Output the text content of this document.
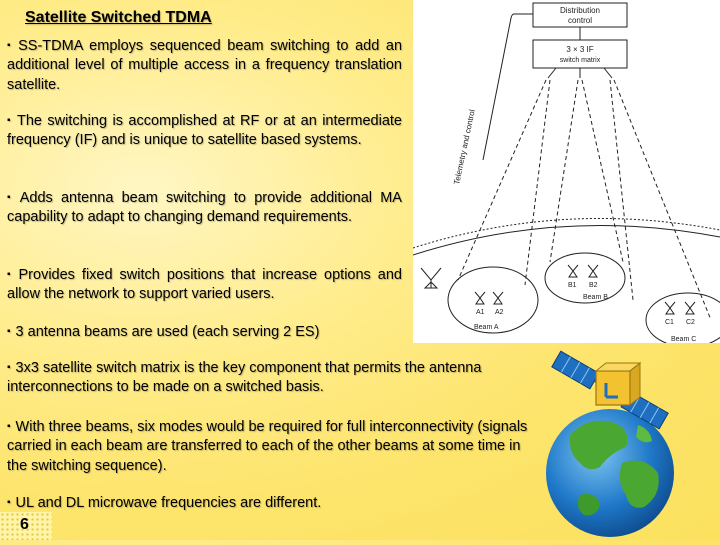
Satellite Switched TDMA
▪ SS-TDMA employs sequenced beam switching to add an additional level of multiple access in a frequency translation satellite.
▪ The switching is accomplished at RF or at an intermediate frequency (IF) and is unique to satellite based systems.
▪ Adds antenna beam switching to provide additional MA capability to adapt to changing demand requirements.
▪ Provides fixed switch positions that increase options and allow the network to support varied users.
▪ 3 antenna beams are used (each serving 2 ES)
▪ 3x3 satellite switch matrix is the key component that permits the antenna interconnections to be made on a switched basis.
▪ With three beams, six modes would be required for full interconnectivity (signals carried in each beam are transferred to each of the other beams at some time in the switching sequence).
▪ UL and DL microwave frequencies are different.
Distribution
control
3 × 3 IF
switch matrix
Telemetry and control
A1 A2
Beam A
B1 B2
Beam B
C1 C2
Beam C
6
